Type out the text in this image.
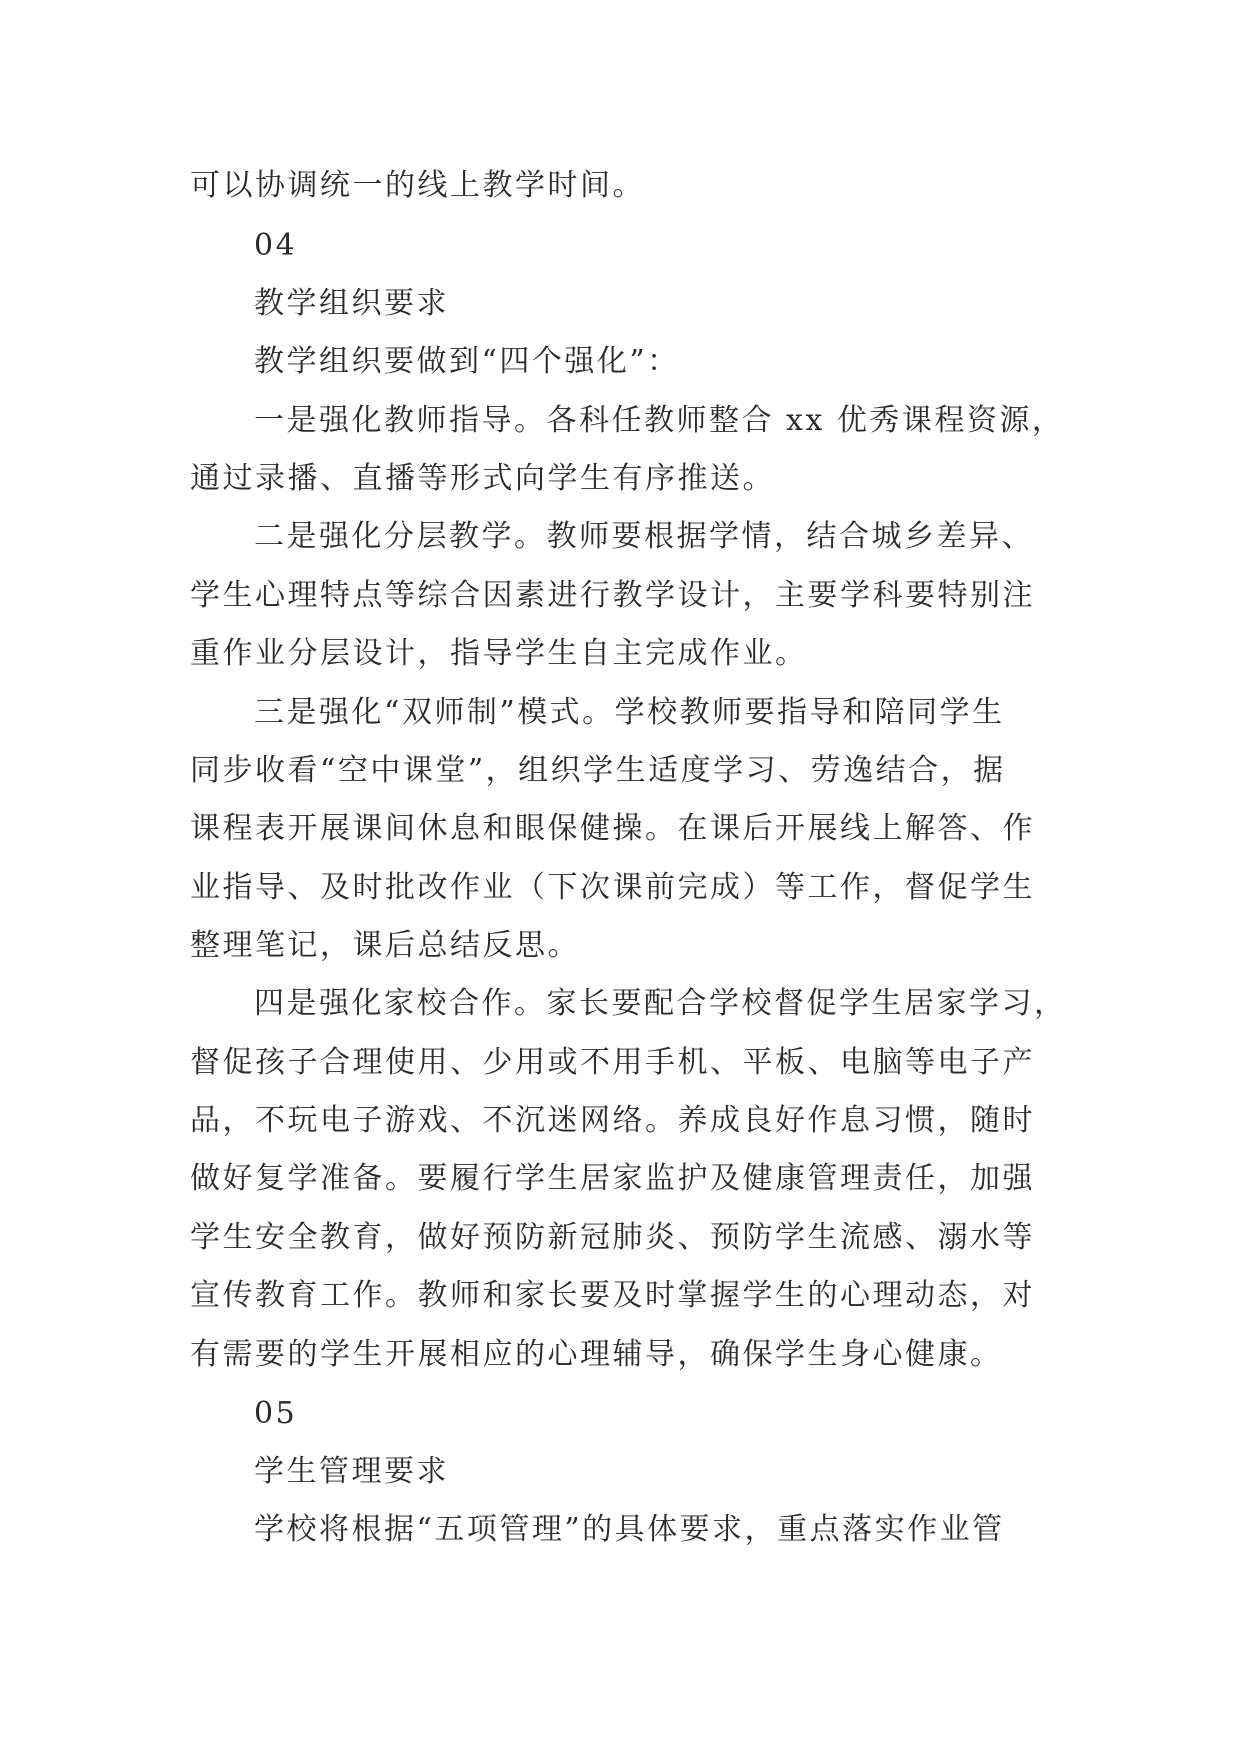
可以协调统一的线上教学时间。
04
教学组织要求
教学组织要做到“四个强化”：
一是强化教师指导。各科任教师整合 xx 优秀课程资源，
通过录播、直播等形式向学生有序推送。
二是强化分层教学。教师要根据学情，结合城乡差异、
学生心理特点等综合因素进行教学设计，主要学科要特别注
重作业分层设计，指导学生自主完成作业。
三是强化“双师制”模式。学校教师要指导和陪同学生
同步收看“空中课堂”，组织学生适度学习、劳逸结合，据
课程表开展课间休息和眼保健操。在课后开展线上解答、作
业指导、及时批改作业（下次课前完成）等工作，督促学生
整理笔记，课后总结反思。
四是强化家校合作。家长要配合学校督促学生居家学习，
督促孩子合理使用、少用或不用手机、平板、电脑等电子产
品，不玩电子游戏、不沉迷网络。养成良好作息习惯，随时
做好复学准备。要履行学生居家监护及健康管理责任，加强
学生安全教育，做好预防新冠肺炎、预防学生流感、溺水等
宣传教育工作。教师和家长要及时掌握学生的心理动态，对
有需要的学生开展相应的心理辅导，确保学生身心健康。
05
学生管理要求
学校将根据“五项管理”的具体要求，重点落实作业管
